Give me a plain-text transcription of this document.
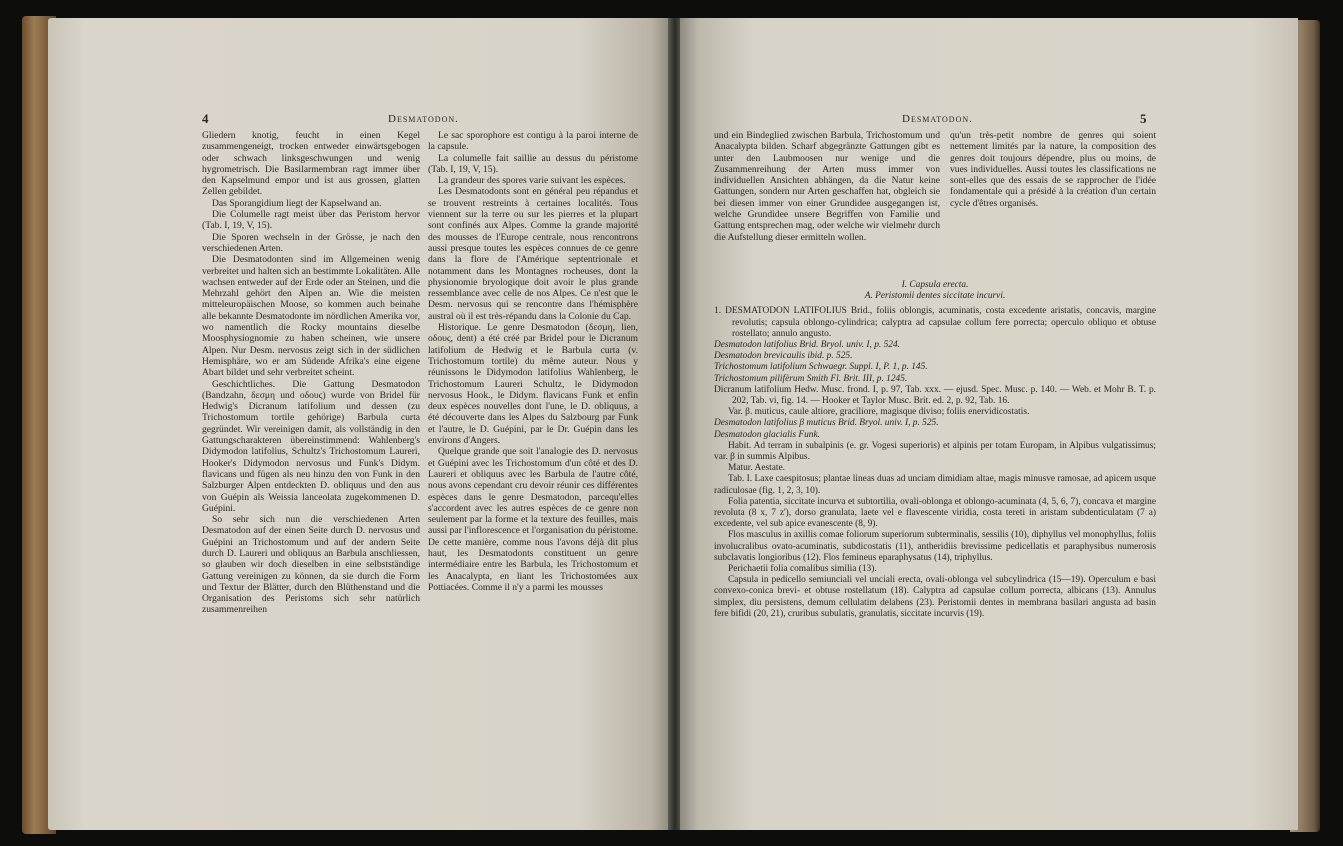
4	Desmatodon.

Gliedern knotig, feucht in einen Kegel zusammengeneigt, trocken entweder einwärtsgebogen oder schwach linksgeschwungen und wenig hygrometrisch. Die Basilarmembran ragt immer über den Kapselmund empor und ist aus grossen, glatten Zellen gebildet.

Das Sporangidium liegt der Kapselwand an.

Die Columelle ragt meist über das Peristom hervor (Tab. I, 19, V, 15).

Die Sporen wechseln in der Grösse, je nach den verschiedenen Arten.

Die Desmatodonten sind im Allgemeinen wenig verbreitet und halten sich an bestimmte Lokalitäten. Alle wachsen entweder auf der Erde oder an Steinen, und die Mehrzahl gehört den Alpen an. Wie die meisten mitteleuropäischen Moose, so kommen auch beinahe alle bekannte Desmatodonte im nördlichen Amerika vor, wo namentlich die Rocky mountains dieselbe Moosphysiognomie zu haben scheinen, wie unsere Alpen. Nur Desm. nervosus zeigt sich in der südlichen Hemisphäre, wo er am Südende Afrika's eine eigene Abart bildet und sehr verbreitet scheint.

Geschichtliches. Die Gattung Desmatodon (Bandzahn, δεσμη und οδους) wurde von Bridel für Hedwig's Dicranum latifolium und dessen (zu Trichostomum tortile gehörige) Barbula curta gegründet. Wir vereinigen damit, als vollständig in den Gattungscharakteren übereinstimmend: Wahlenberg's Didymodon latifolius, Schultz's Trichostomum Laureri, Hooker's Didymodon nervosus und Funk's Didym. flavicans und fügen als neu hinzu den von Funk in den Salzburger Alpen entdeckten D. obliquus und den aus von Guépin als Weissia lanceolata zugekommenen D. Guépini.

So sehr sich nun die verschiedenen Arten Desmatodon auf der einen Seite durch D. nervosus und Guépini an Trichostomum und auf der andern Seite durch D. Laureri und obliquus an Barbula anschliessen, so glauben wir doch dieselben in eine selbstständige Gattung vereinigen zu können, da sie durch die Form und Textur der Blätter, durch den Blüthenstand und die Organisation des Peristoms sich sehr natürlich zusammenreihen

Le sac sporophore est contigu à la paroi interne de la capsule.

La columelle fait saillie au dessus du péristome (Tab. I, 19, V, 15).

La grandeur des spores varie suivant les espèces.

Les Desmatodonts sont en général peu répandus et se trouvent restreints à certaines localités. Tous viennent sur la terre ou sur les pierres et la plupart sont confinés aux Alpes. Comme la grande majorité des mousses de l'Europe centrale, nous rencontrons aussi presque toutes les espèces connues de ce genre dans la flore de l'Amérique septentrionale et notamment dans les Montagnes rocheuses, dont la physionomie bryologique doit avoir le plus grande ressemblance avec celle de nos Alpes. Ce n'est que le Desm. nervosus qui se rencontre dans l'hémisphère austral où il est très-répandu dans la Colonie du Cap.

Historique. Le genre Desmatodon (δεσμη, lien, οδους, dent) a été créé par Bridel pour le Dicranum latifolium de Hedwig et le Barbula curta (v. Trichostomum tortile) du même auteur. Nous y réunissons le Didymodon latifolius Wahlenberg, le Trichostomum Laureri Schultz, le Didymodon nervosus Hook., le Didym. flavicans Funk et enfin deux espèces nouvelles dont l'une, le D. obliquus, a été découverte dans les Alpes du Salzbourg par Funk et l'autre, le D. Guépini, par le Dr. Guépin dans les environs d'Angers.

Quelque grande que soit l'analogie des D. nervosus et Guépini avec les Trichostomum d'un côté et des D. Laureri et obliquus avec les Barbula de l'autre côté, nous avons cependant cru devoir réunir ces différentes espèces dans le genre Desmatodon, parcequ'elles s'accordent avec les autres espèces de ce genre non seulement par la forme et la texture des feuilles, mais aussi par l'inflorescence et l'organisation du péristome. De cette manière, comme nous l'avons déjà dit plus haut, les Desmatodonts constituent un genre intermédiaire entre les Barbula, les Trichostomum et les Anacalypta, en liant les Trichostomées aux Pottiacées. Comme il n'y a parmi les mousses

Desmatodon.	5

und ein Bindeglied zwischen Barbula, Trichostomum und Anacalypta bilden. Scharf abgegränzte Gattungen gibt es unter den Laubmoosen nur wenige und die Zusammenreihung der Arten muss immer von individuellen Ansichten abhängen, da die Natur keine Gattungen, sondern nur Arten geschaffen hat, obgleich sie bei diesen immer von einer Grundidee ausgegangen ist, welche Grundidee unsere Begriffen von Familie und Gattung entsprechen mag, oder welche wir vielmehr durch die Aufstellung dieser ermitteln wollen.

qu'un très-petit nombre de genres qui soient nettement limités par la nature, la composition des genres doit toujours dépendre, plus ou moins, de vues individuelles. Aussi toutes les classifications ne sont-elles que des essais de se rapprocher de l'idée fondamentale qui a présidé à la création d'un certain cycle d'êtres organisés.

I. Capsula erecta.

A. Peristomii dentes siccitate incurvi.

1. DESMATODON LATIFOLIUS Brid., foliis oblongis, acuminatis, costa excedente aristatis, concavis, margine revolutis; capsula oblongo-cylindrica; calyptra ad capsulae collum fere porrecta; operculo obliquo et obtuse rostellato; annulo angusto.

Desmatodon latifolius Brid. Bryol. univ. I, p. 524.

Desmatodon brevicaulis ibid. p. 525.

Trichostomum latifolium Schwaegr. Suppl. I, P. 1, p. 145.

Trichostomum pilifèrum Smith Fl. Brit. III, p. 1245.

Dicranum latifolium Hedw. Musc. frond. I, p. 97, Tab. xxx. — ejusd. Spec. Musc. p. 140. — Web. et Mohr B. T. p. 202, Tab. vi, fig. 14. — Hooker et Taylor Musc. Brit. ed. 2, p. 92, Tab. 16.

Var. β. muticus, caule altiore, graciliore, magisque diviso; foliis enervidicostatis.

Desmatodon latifolius β muticus Brid. Bryol. univ. I, p. 525.

Desmatodon glacialis Funk.

Habit. Ad terram in subalpinis (e. gr. Vogesi superioris) et alpinis per totam Europam, in Alpibus vulgatissimus; var. β in summis Alpibus.

Matur. Aestate.

Tab. I. Laxe caespitosus; plantae lineas duas ad unciam dimidiam altae, magis minusve ramosae, ad apicem usque radiculosae (fig. 1, 2, 3, 10).

Folia patentia, siccitate incurva et subtortilia, ovali-oblonga et oblongo-acuminata (4, 5, 6, 7), concava et margine revoluta (8 x, 7 z'), dorso granulata, laete vel e flavescente viridia, costa tereti in aristam subdenticulatam (7 a) excedente, vel sub apice evanescente (8, 9).

Flos masculus in axillis comae foliorum superiorum subterminalis, sessilis (10), diphyllus vel monophyllus, foliis involucralibus ovato-acuminatis, subdicostatis (11), antheridiis brevissime pedicellatis et paraphysibus numerosis subclavatis longioribus (12). Flos femineus eparaphysatus (14), triphyllus.

Perichaetii folia comalibus similia (13).

Capsula in pedicello semiunciali vel unciali erecta, ovali-oblonga vel subcylindrica (15—19). Operculum e basi convexo-conica brevi- et obtuse rostellatum (18). Calyptra ad capsulae collum porrecta, albicans (13). Annulus simplex, diu persistens, demum cellulatim delabens (23). Peristomii dentes in membrana basilari angusta ad basin fere bifidi (20, 21), cruribus subulatis, granulatis, siccitate incurvis (19).
